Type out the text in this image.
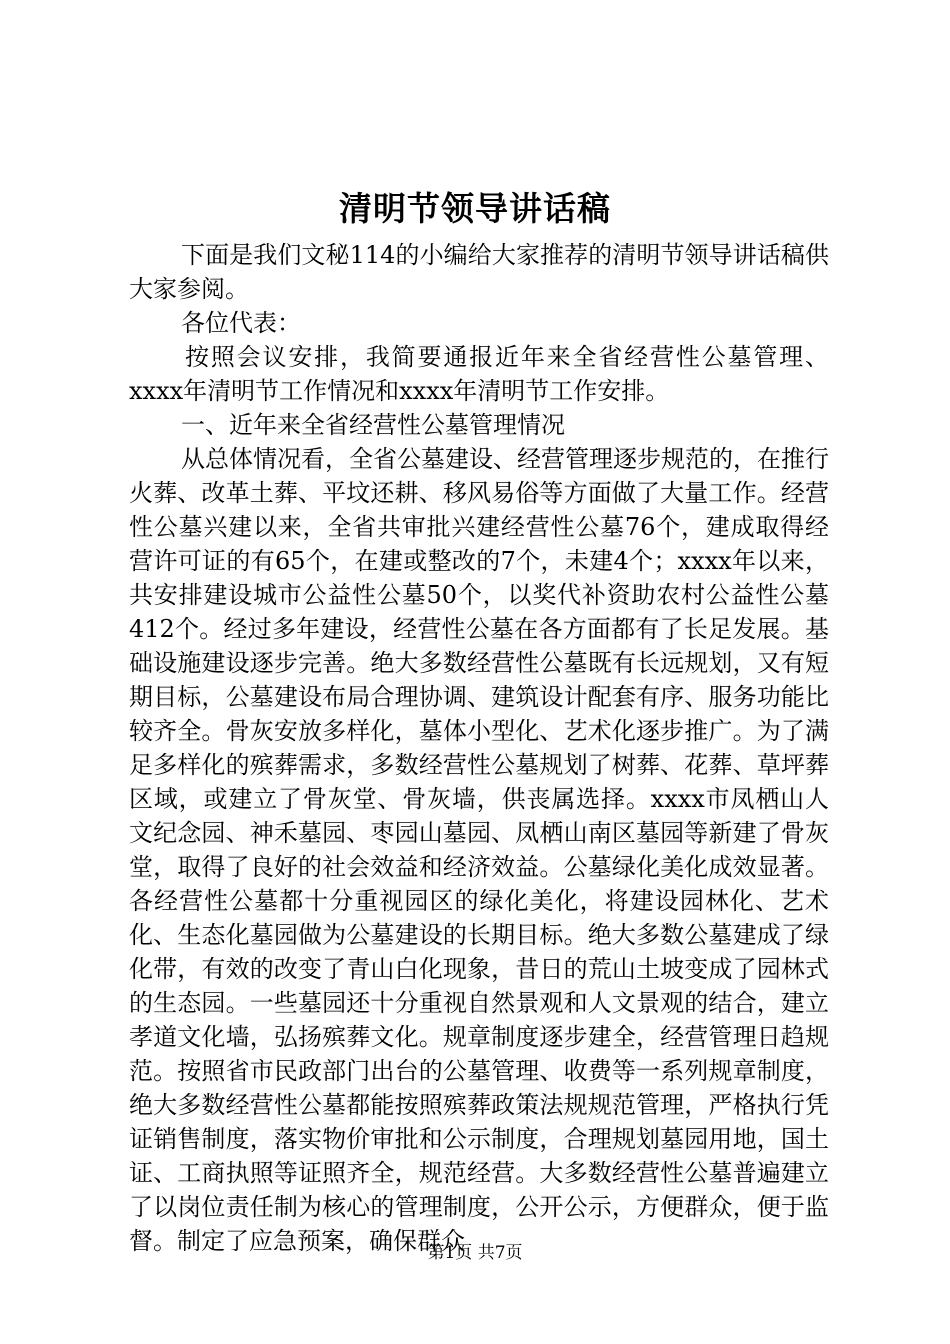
清明节领导讲话稿

下面是我们文秘114的小编给大家推荐的清明节领导讲话稿供大家参阅。

各位代表：

按照会议安排，我简要通报近年来全省经营性公墓管理、xxxx年清明节工作情况和xxxx年清明节工作安排。

一、近年来全省经营性公墓管理情况

从总体情况看，全省公墓建设、经营管理逐步规范的，在推行火葬、改革土葬、平坟还耕、移风易俗等方面做了大量工作。经营性公墓兴建以来，全省共审批兴建经营性公墓76个，建成取得经营许可证的有65个，在建或整改的7个，未建4个；xxxx年以来，共安排建设城市公益性公墓50个，以奖代补资助农村公益性公墓412个。经过多年建设，经营性公墓在各方面都有了长足发展。基础设施建设逐步完善。绝大多数经营性公墓既有长远规划，又有短期目标，公墓建设布局合理协调、建筑设计配套有序、服务功能比较齐全。骨灰安放多样化，墓体小型化、艺术化逐步推广。为了满足多样化的殡葬需求，多数经营性公墓规划了树葬、花葬、草坪葬区域，或建立了骨灰堂、骨灰墙，供丧属选择。xxxx市凤栖山人文纪念园、神禾墓园、枣园山墓园、凤栖山南区墓园等新建了骨灰堂，取得了良好的社会效益和经济效益。公墓绿化美化成效显著。各经营性公墓都十分重视园区的绿化美化，将建设园林化、艺术化、生态化墓园做为公墓建设的长期目标。绝大多数公墓建成了绿化带，有效的改变了青山白化现象，昔日的荒山土坡变成了园林式的生态园。一些墓园还十分重视自然景观和人文景观的结合，建立孝道文化墙，弘扬殡葬文化。规章制度逐步建全，经营管理日趋规范。按照省市民政部门出台的公墓管理、收费等一系列规章制度，绝大多数经营性公墓都能按照殡葬政策法规规范管理，严格执行凭证销售制度，落实物价审批和公示制度，合理规划墓园用地，国土证、工商执照等证照齐全，规范经营。大多数经营性公墓普遍建立了以岗位责任制为核心的管理制度，公开公示，方便群众，便于监督。制定了应急预案，确保群众

第1页 共7页
